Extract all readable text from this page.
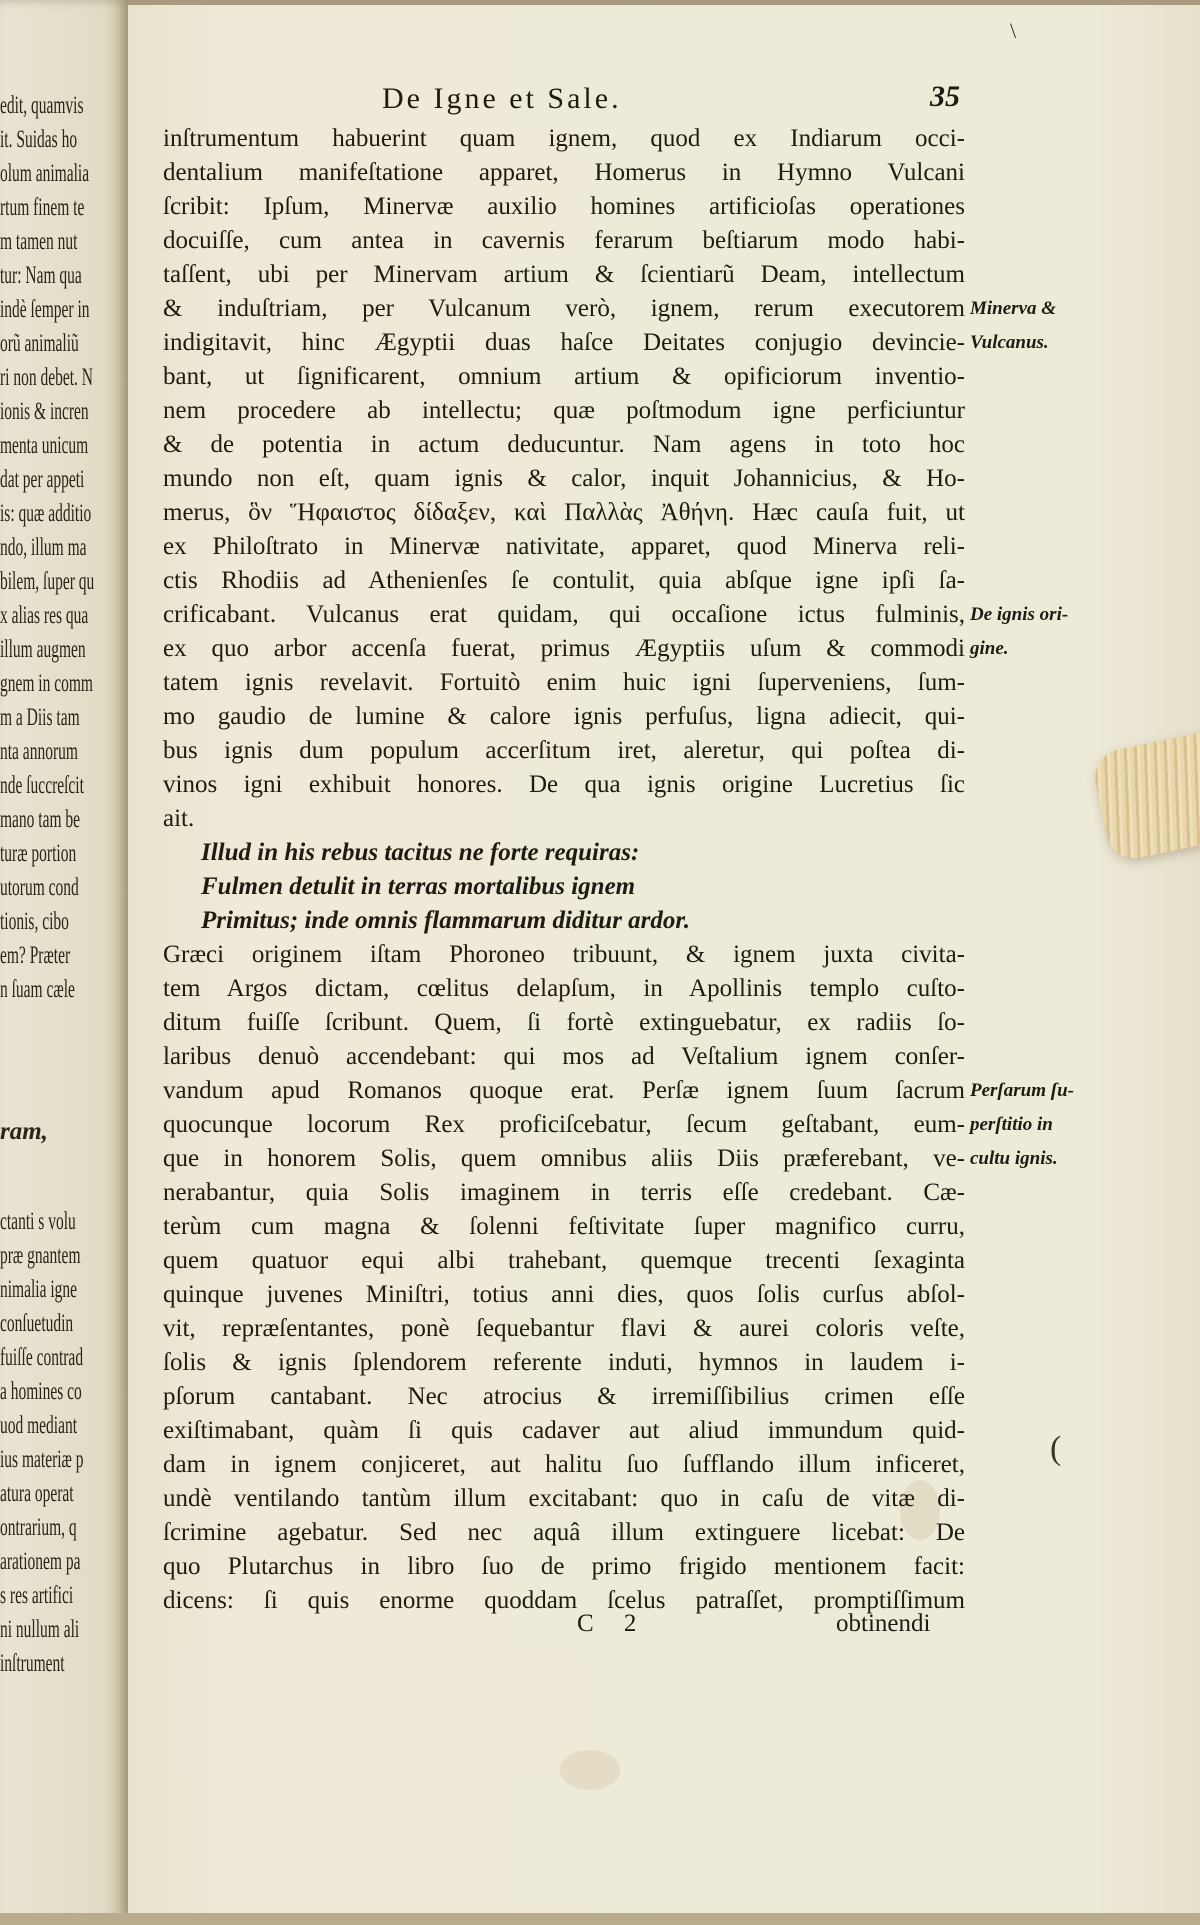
edit, quamvis
it. Suidas ho
olum animalia
rtum finem te
m tamen nut
tur: Nam qua
indè ſemper in
orũ animaliũ
ri non debet. N
ionis & incren
menta unicum
dat per appeti
is: quæ additio
ndo, illum ma
bilem, ſuper qu
x alias res qua
illum augmen
gnem in comm
m a Diis tam
nta annorum
nde ſuccreſcit
mano tam be
turæ portion
utorum cond
tionis, cibo
em? Præter
n ſuam cæle
ram,
ctanti s volu
præ gnantem
nimalia igne
conſuetudin
fuiſſe contrad
a homines co
uod mediant
ius materiæ p
atura operat
ontrarium, q
arationem pa
s res artifici
ni nullum ali
inſtrument
De Igne et Sale.	35
inſtrumentum habuerint quam ignem, quod ex Indiarum occi-
dentalium manifeſtatione apparet, Homerus in Hymno Vulcani
ſcribit: Ipſum, Minervæ auxilio homines artificioſas operationes
docuiſſe, cum antea in cavernis ferarum beſtiarum modo habi-
taſſent, ubi per Minervam artium & ſcientiarũ Deam, intellectum
& induſtriam, per Vulcanum verò, ignem, rerum executorem
indigitavit, hinc Ægyptii duas haſce Deitates conjugio devincie-
bant, ut ſignificarent, omnium artium & opificiorum inventio-
nem procedere ab intellectu; quæ poſtmodum igne perficiuntur
& de potentia in actum deducuntur. Nam agens in toto hoc
mundo non eſt, quam ignis & calor, inquit Johannicius, & Ho-
merus, ὃν Ἥφαιστος δίδαξεν, καὶ Παλλὰς Ἀθήνη. Hæc cauſa fuit, ut
ex Philoſtrato in Minervæ nativitate, apparet, quod Minerva reli-
ctis Rhodiis ad Athenienſes ſe contulit, quia abſque igne ipſi ſa-
crificabant. Vulcanus erat quidam, qui occaſione ictus fulminis,
ex quo arbor accenſa fuerat, primus Ægyptiis uſum & commodi
tatem ignis revelavit. Fortuitò enim huic igni ſuperveniens, ſum-
mo gaudio de lumine & calore ignis perfuſus, ligna adiecit, qui-
bus ignis dum populum accerſitum iret, aleretur, qui poſtea di-
vinos igni exhibuit honores. De qua ignis origine Lucretius ſic
ait.
Illud in his rebus tacitus ne forte requiras:
Fulmen detulit in terras mortalibus ignem
Primitus; inde omnis flammarum diditur ardor.
Græci originem iſtam Phoroneo tribuunt, & ignem juxta civita-
tem Argos dictam, cœlitus delapſum, in Apollinis templo cuſto-
ditum fuiſſe ſcribunt. Quem, ſi fortè extinguebatur, ex radiis ſo-
laribus denuò accendebant: qui mos ad Veſtalium ignem conſer-
vandum apud Romanos quoque erat. Perſæ ignem ſuum ſacrum
quocunque locorum Rex proficiſcebatur, ſecum geſtabant, eum-
que in honorem Solis, quem omnibus aliis Diis præferebant, ve-
nerabantur, quia Solis imaginem in terris eſſe credebant. Cæ-
terùm cum magna & ſolenni feſtivitate ſuper magnifico curru,
quem quatuor equi albi trahebant, quemque trecenti ſexaginta
quinque juvenes Miniſtri, totius anni dies, quos ſolis curſus abſol-
vit, repræſentantes, ponè ſequebantur flavi & aurei coloris veſte,
ſolis & ignis ſplendorem referente induti, hymnos in laudem i-
pſorum cantabant. Nec atrocius & irremiſſibilius crimen eſſe
exiſtimabant, quàm ſi quis cadaver aut aliud immundum quid-
dam in ignem conjiceret, aut halitu ſuo ſufflando illum inficeret,
undè ventilando tantùm illum excitabant: quo in caſu de vitæ di-
ſcrimine agebatur. Sed nec aquâ illum extinguere licebat: De
quo Plutarchus in libro ſuo de primo frigido mentionem facit:
dicens: ſi quis enorme quoddam ſcelus patraſſet, promptiſſimum
Minerva &
Vulcanus.
De ignis ori-
gine.
Perſarum ſu-
perſtitio in
cultu ignis.
C 2	obtinendi
\
(
